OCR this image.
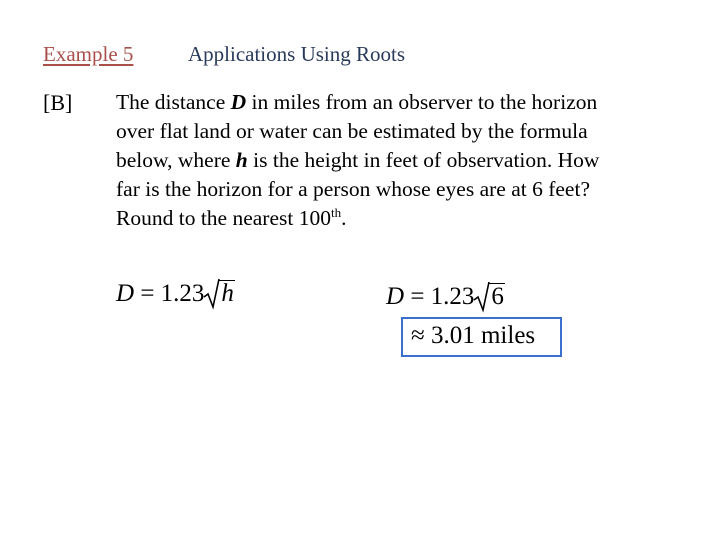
Example 5	Applications Using Roots
[B] The distance D in miles from an observer to the horizon
over flat land or water can be estimated by the formula
below, where h is the height in feet of observation. How
far is the horizon for a person whose eyes are at 6 feet?
Round to the nearest 100th.
D = 1.23 h	D = 1.23 6
≈ 3.01 miles
